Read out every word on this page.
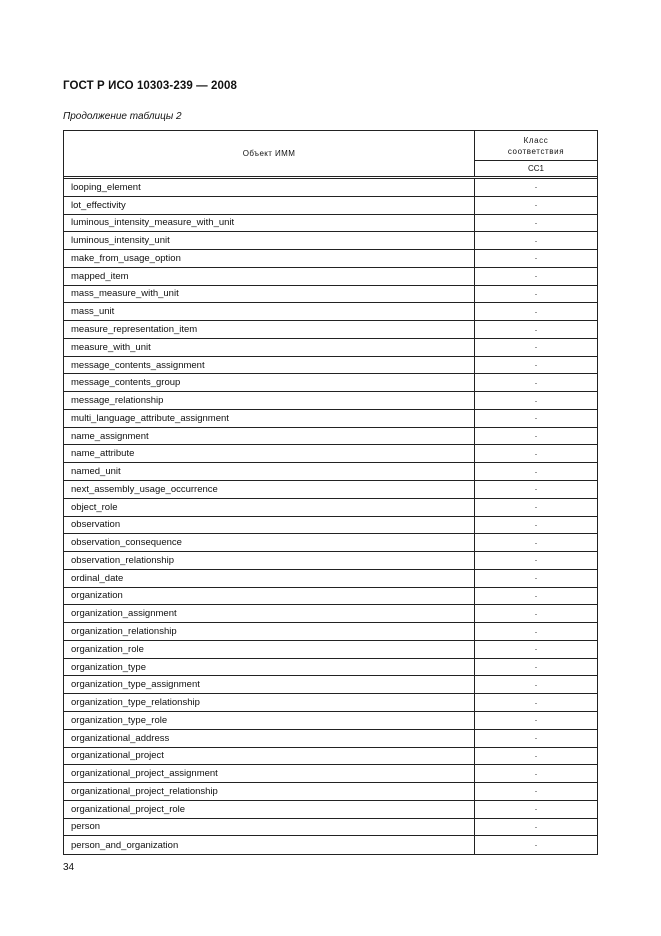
ГОСТ Р ИСО 10303-239 — 2008
Продолжение таблицы 2
Объект ИММ
Класс
соответствия
CC1
looping_element	·
lot_effectivity	·
luminous_intensity_measure_with_unit	·
luminous_intensity_unit	·
make_from_usage_option	·
mapped_item	·
mass_measure_with_unit	·
mass_unit	·
measure_representation_item	·
measure_with_unit	·
message_contents_assignment	·
message_contents_group	·
message_relationship	·
multi_language_attribute_assignment	·
name_assignment	·
name_attribute	·
named_unit	·
next_assembly_usage_occurrence	·
object_role	·
observation	·
observation_consequence	·
observation_relationship	·
ordinal_date	·
organization	·
organization_assignment	·
organization_relationship	·
organization_role	·
organization_type	·
organization_type_assignment	·
organization_type_relationship	·
organization_type_role	·
organizational_address	·
organizational_project	·
organizational_project_assignment	·
organizational_project_relationship	·
organizational_project_role	·
person	·
person_and_organization	·
34
